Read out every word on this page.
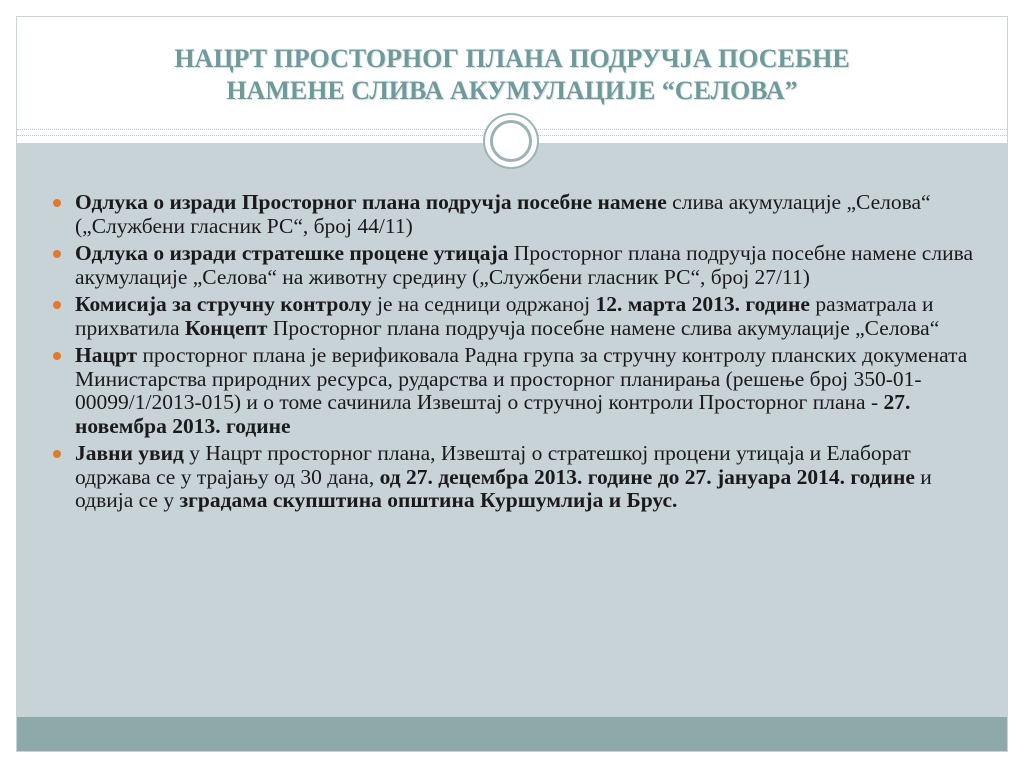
НАЦРТ ПРОСТОРНОГ ПЛАНА ПОДРУЧЈА ПОСЕБНЕ
НАМЕНЕ СЛИВА АКУМУЛАЦИЈЕ “СЕЛОВА”
Одлука о изради Просторног плана подручја посебне намене слива акумулације „Селова“ („Службени гласник РС“, број 44/11)
Одлука о изради стратешке процене утицаја Просторног плана подручја посебне намене слива акумулације „Селова“ на животну средину („Службени гласник РС“, број 27/11)
Комисија за стручну контролу је на седници одржаној 12. марта 2013. године разматрала и прихватила Концепт Просторног плана подручја посебне намене слива акумулације „Селова“
Нацрт просторног плана је верификовала Радна група за стручну контролу планских докумената Министарства природних ресурса, рударства и просторног планирања (решење број 350-01-00099/1/2013-015) и о томе сачинила Извештај о стручној контроли Просторног плана - 27. новембра 2013. године
Јавни увид у Нацрт просторног плана, Извештај о стратешкој процени утицаја и Елаборат одржава се у трајању од 30 дана, од 27. децембра 2013. године до 27. јануара 2014. године и одвија се у зградама скупштина општина Куршумлија и Брус.
